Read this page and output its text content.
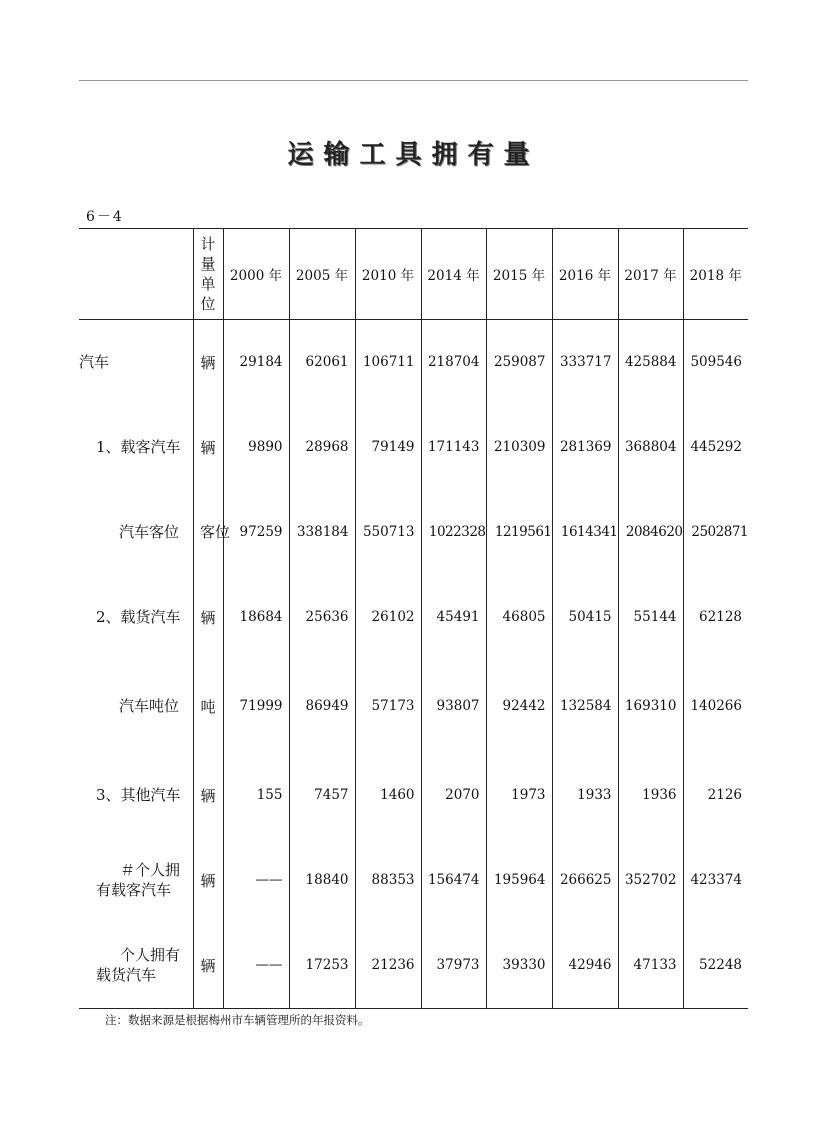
运输工具拥有量
6－4
	计量单位	2000 年	2005 年	2010 年	2014 年	2015 年	2016 年	2017 年	2018 年

汽车	辆	29184	62061	106711	218704	259087	333717	425884	509546

1、载客汽车	辆	9890	28968	79149	171143	210309	281369	368804	445292

汽车客位	客位	97259	338184	550713	1022328	1219561	1614341	2084620	2502871

2、载货汽车	辆	18684	25636	26102	45491	46805	50415	55144	62128

汽车吨位	吨	71999	86949	57173	93807	92442	132584	169310	140266

3、其他汽车	辆	155	7457	1460	2070	1973	1933	1936	2126

＃个人拥有载客汽车	辆	——	18840	88353	156474	195964	266625	352702	423374

个人拥有载货汽车	辆	——	17253	21236	37973	39330	42946	47133	52248
注：数据来源是根据梅州市车辆管理所的年报资料。
